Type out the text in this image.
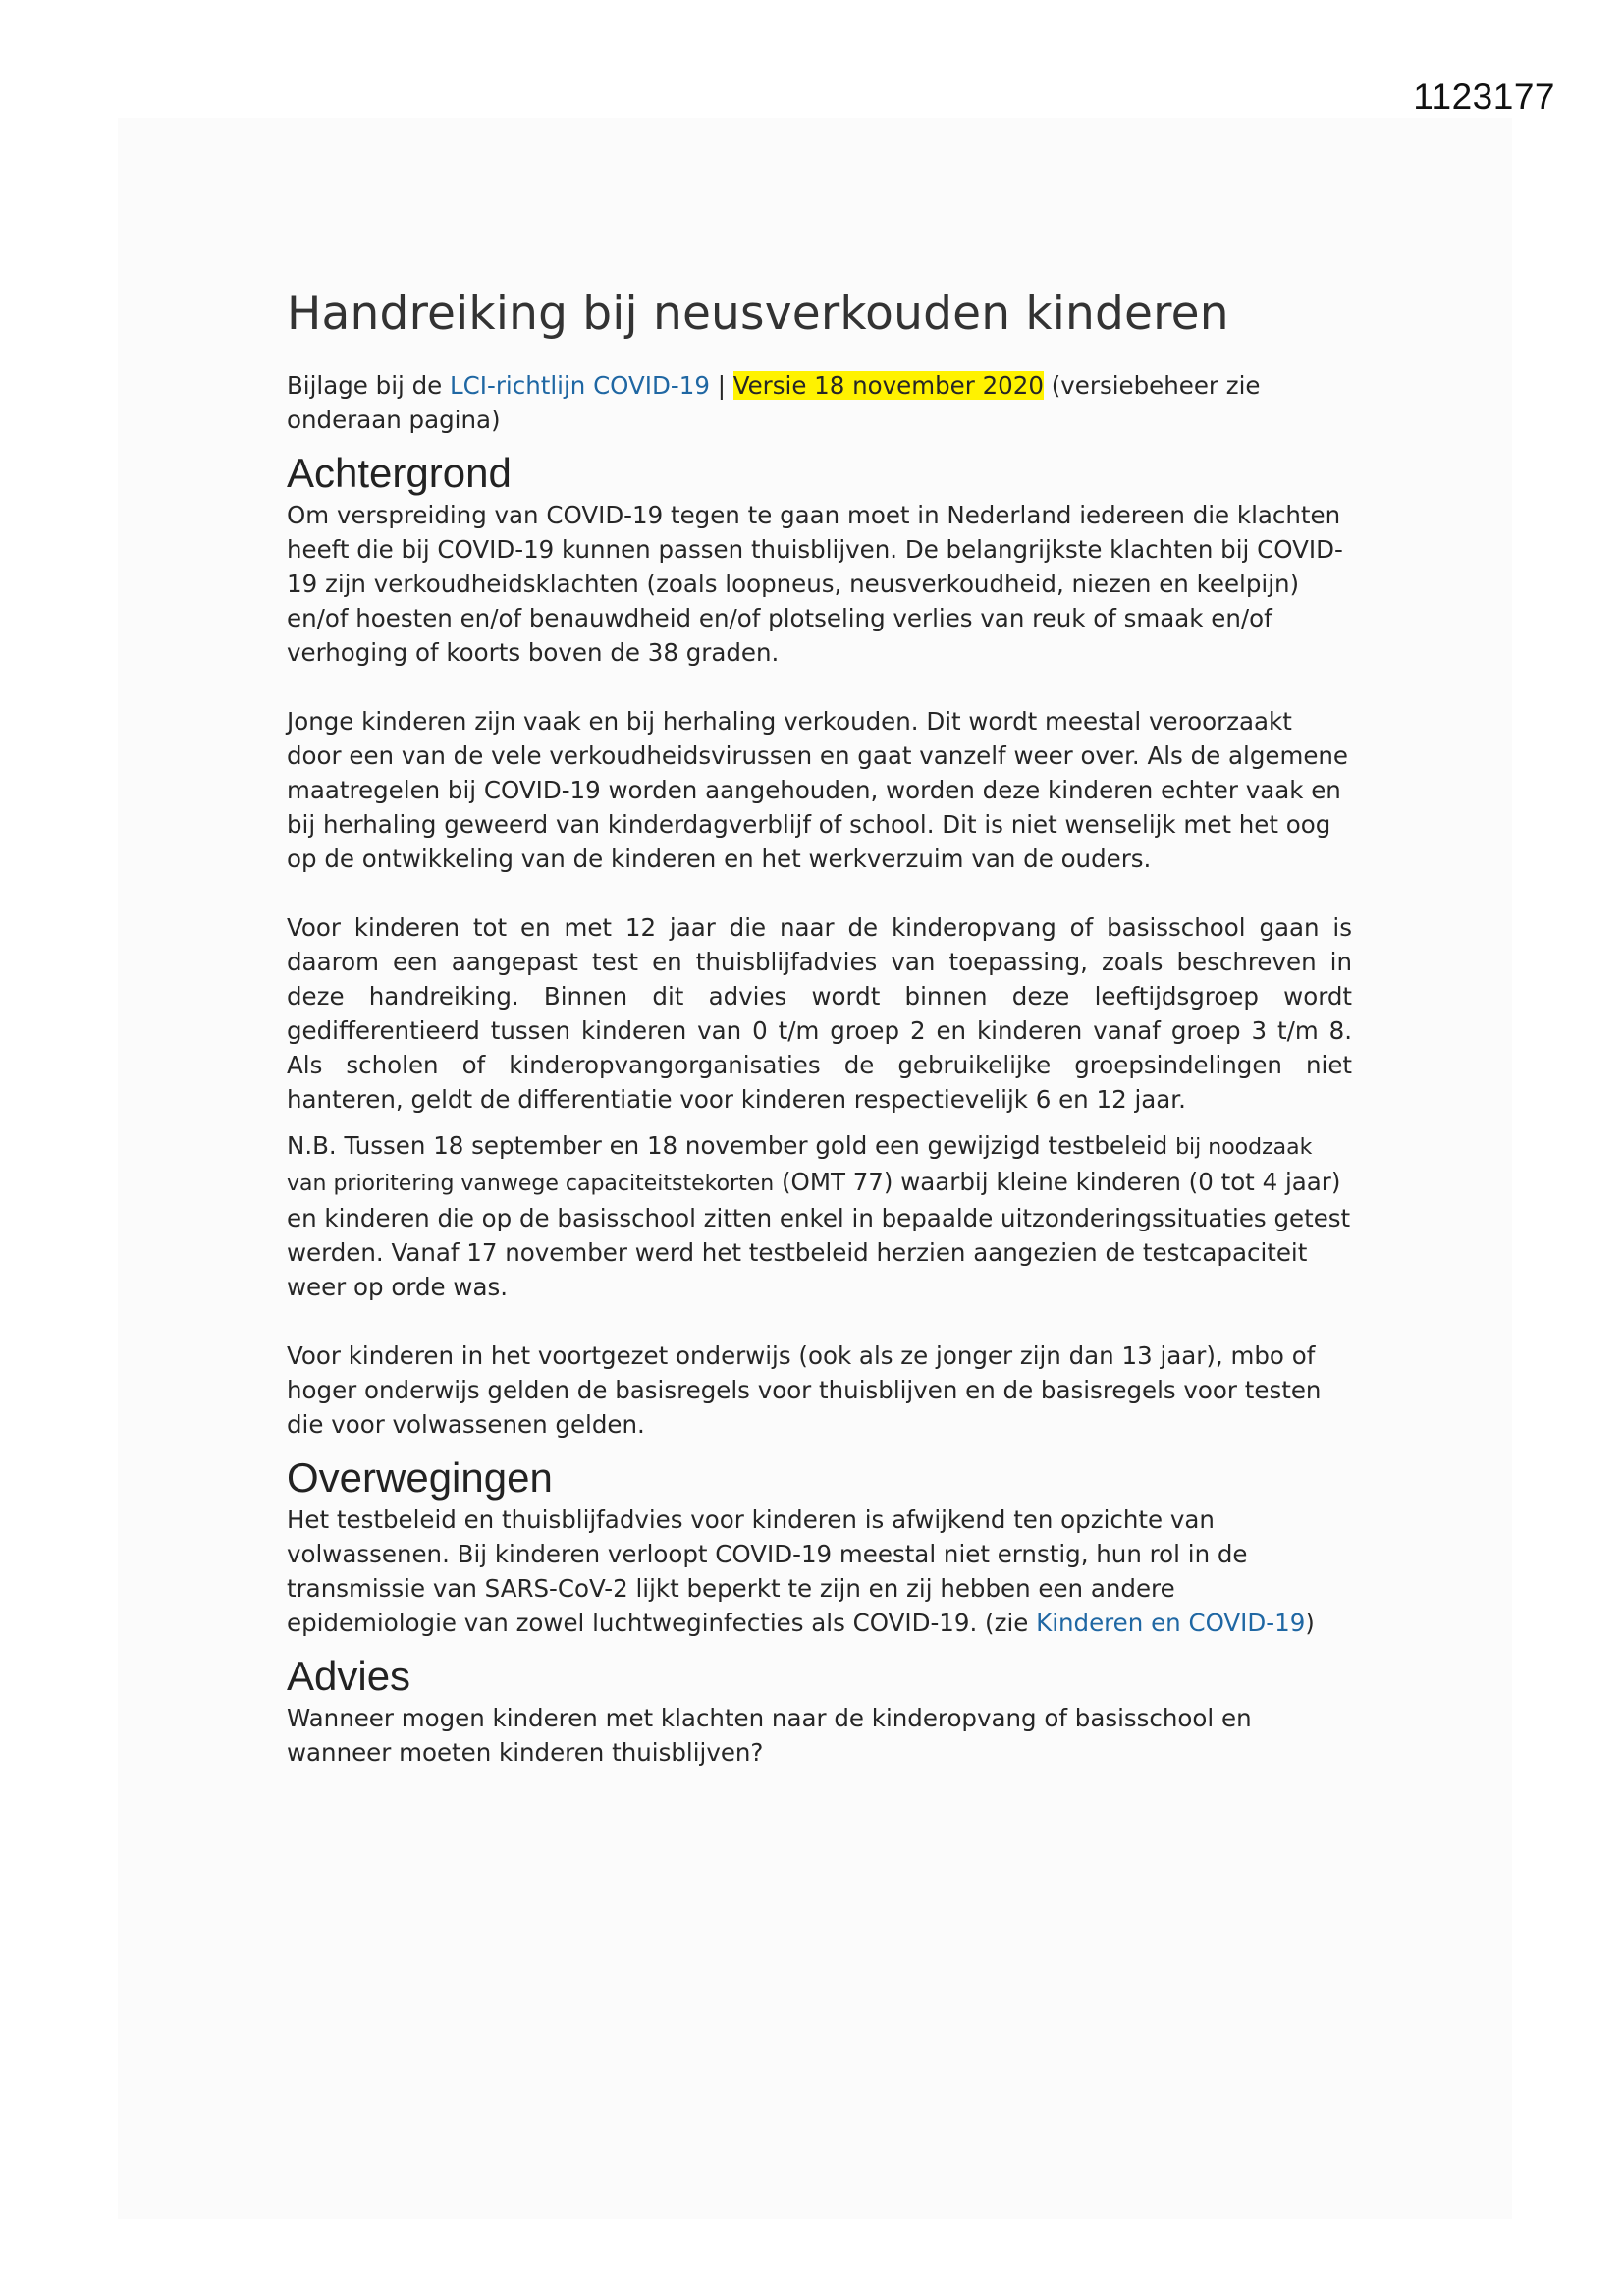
1123177
Handreiking bij neusverkouden kinderen

Bijlage bij de LCI-richtlijn COVID-19 | Versie 18 november 2020 (versiebeheer zie onderaan pagina)

Achtergrond

Om verspreiding van COVID-19 tegen te gaan moet in Nederland iedereen die klachten heeft die bij COVID-19 kunnen passen thuisblijven. De belangrijkste klachten bij COVID-19 zijn verkoudheidsklachten (zoals loopneus, neusverkoudheid, niezen en keelpijn) en/of hoesten en/of benauwdheid en/of plotseling verlies van reuk of smaak en/of verhoging of koorts boven de 38 graden.

Jonge kinderen zijn vaak en bij herhaling verkouden. Dit wordt meestal veroorzaakt door een van de vele verkoudheidsvirussen en gaat vanzelf weer over. Als de algemene maatregelen bij COVID-19 worden aangehouden, worden deze kinderen echter vaak en bij herhaling geweerd van kinderdagverblijf of school. Dit is niet wenselijk met het oog op de ontwikkeling van de kinderen en het werkverzuim van de ouders.

Voor kinderen tot en met 12 jaar die naar de kinderopvang of basisschool gaan is daarom een aangepast test en thuisblijfadvies van toepassing, zoals beschreven in deze handreiking. Binnen dit advies wordt binnen deze leeftijdsgroep wordt gedifferentieerd tussen kinderen van 0 t/m groep 2 en kinderen vanaf groep 3 t/m 8. Als scholen of kinderopvangorganisaties de gebruikelijke groepsindelingen niet hanteren, geldt de differentiatie voor kinderen respectievelijk 6 en 12 jaar.

N.B. Tussen 18 september en 18 november gold een gewijzigd testbeleid bij noodzaak van prioritering vanwege capaciteitstekorten (OMT 77) waarbij kleine kinderen (0 tot 4 jaar) en kinderen die op de basisschool zitten enkel in bepaalde uitzonderingssituaties getest werden. Vanaf 17 november werd het testbeleid herzien aangezien de testcapaciteit weer op orde was.

Voor kinderen in het voortgezet onderwijs (ook als ze jonger zijn dan 13 jaar), mbo of hoger onderwijs gelden de basisregels voor thuisblijven en de basisregels voor testen die voor volwassenen gelden.

Overwegingen

Het testbeleid en thuisblijfadvies voor kinderen is afwijkend ten opzichte van volwassenen. Bij kinderen verloopt COVID-19 meestal niet ernstig, hun rol in de transmissie van SARS-CoV-2 lijkt beperkt te zijn en zij hebben een andere epidemiologie van zowel luchtweginfecties als COVID-19. (zie Kinderen en COVID-19)

Advies

Wanneer mogen kinderen met klachten naar de kinderopvang of basisschool en wanneer moeten kinderen thuisblijven?
